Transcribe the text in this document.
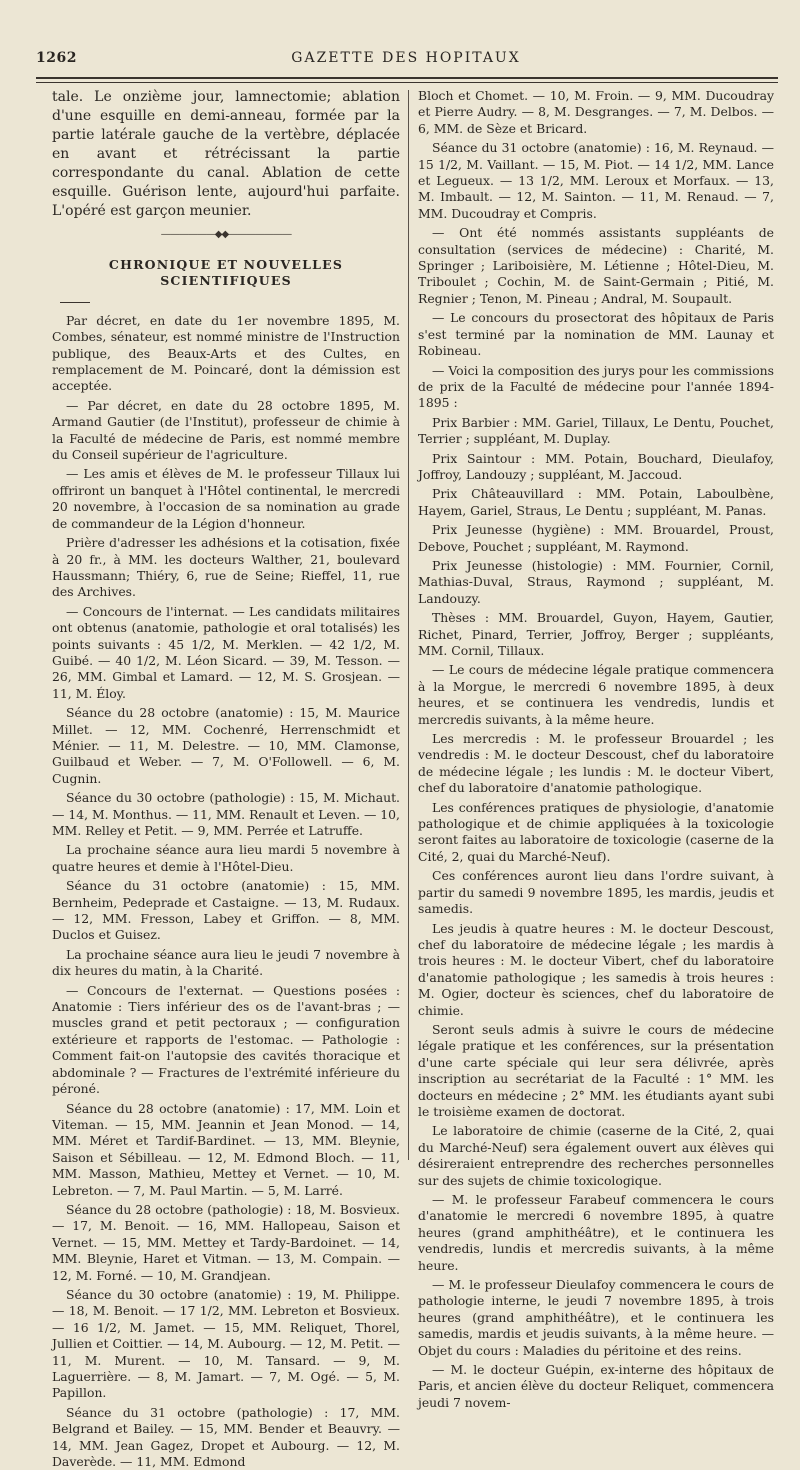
1262	GAZETTE DES HOPITAUX

tale. Le onzième jour, lamnectomie; ablation d'une esquille en demi-anneau, formée par la partie latérale gauche de la vertèbre, déplacée en avant et rétrécissant la partie correspondante du canal. Ablation de cette esquille. Guérison lente, aujourd'hui parfaite. L'opéré est garçon meunier.

——————◆◆———————
CHRONIQUE ET NOUVELLES SCIENTIFIQUES

Par décret, en date du 1er novembre 1895, M. Combes, sénateur, est nommé ministre de l'Instruction publique, des Beaux-Arts et des Cultes, en remplacement de M. Poincaré, dont la démission est acceptée.

— Par décret, en date du 28 octobre 1895, M. Armand Gautier (de l'Institut), professeur de chimie à la Faculté de médecine de Paris, est nommé membre du Conseil supérieur de l'agriculture.

— Les amis et élèves de M. le professeur Tillaux lui offriront un banquet à l'Hôtel continental, le mercredi 20 novembre, à l'occasion de sa nomination au grade de commandeur de la Légion d'honneur.

Prière d'adresser les adhésions et la cotisation, fixée à 20 fr., à MM. les docteurs Walther, 21, boulevard Haussmann; Thiéry, 6, rue de Seine; Rieffel, 11, rue des Archives.

— Concours de l'internat. — Les candidats militaires ont obtenus (anatomie, pathologie et oral totalisés) les points suivants : 45 1/2, M. Merklen. — 42 1/2, M. Guibé. — 40 1/2, M. Léon Sicard. — 39, M. Tesson. — 26, MM. Gimbal et Lamard. — 12, M. S. Grosjean. — 11, M. Éloy.

Séance du 28 octobre (anatomie) : 15, M. Maurice Millet. — 12, MM. Cochenré, Herrenschmidt et Ménier. — 11, M. Delestre. — 10, MM. Clamonse, Guilbaud et Weber. — 7, M. O'Followell. — 6, M. Cugnin.

Séance du 30 octobre (pathologie) : 15, M. Michaut. — 14, M. Monthus. — 11, MM. Renault et Leven. — 10, MM. Relley et Petit. — 9, MM. Perrée et Latruffe.

La prochaine séance aura lieu mardi 5 novembre à quatre heures et demie à l'Hôtel-Dieu.

Séance du 31 octobre (anatomie) : 15, MM. Bernheim, Pedeprade et Castaigne. — 13, M. Rudaux. — 12, MM. Fresson, Labey et Griffon. — 8, MM. Duclos et Guisez.

La prochaine séance aura lieu le jeudi 7 novembre à dix heures du matin, à la Charité.

— Concours de l'externat. — Questions posées : Anatomie : Tiers inférieur des os de l'avant-bras ; — muscles grand et petit pectoraux ; — configuration extérieure et rapports de l'estomac. — Pathologie : Comment fait-on l'autopsie des cavités thoracique et abdominale ? — Fractures de l'extrémité inférieure du péroné.

Séance du 28 octobre (anatomie) : 17, MM. Loin et Viteman. — 15, MM. Jeannin et Jean Monod. — 14, MM. Méret et Tardif-Bardinet. — 13, MM. Bleynie, Saison et Sébilleau. — 12, M. Edmond Bloch. — 11, MM. Masson, Mathieu, Mettey et Vernet. — 10, M. Lebreton. — 7, M. Paul Martin. — 5, M. Larré.

Séance du 28 octobre (pathologie) : 18, M. Bosvieux. — 17, M. Benoit. — 16, MM. Hallopeau, Saison et Vernet. — 15, MM. Mettey et Tardy-Bardoinet. — 14, MM. Bleynie, Haret et Vitman. — 13, M. Compain. — 12, M. Forné. — 10, M. Grandjean.

Séance du 30 octobre (anatomie) : 19, M. Philippe. — 18, M. Benoit. — 17 1/2, MM. Lebreton et Bosvieux. — 16 1/2, M. Jamet. — 15, MM. Reliquet, Thorel, Jullien et Coittier. — 14, M. Aubourg. — 12, M. Petit. — 11, M. Murent. — 10, M. Tansard. — 9, M. Laguerrière. — 8, M. Jamart. — 7, M. Ogé. — 5, M. Papillon.

Séance du 31 octobre (pathologie) : 17, MM. Belgrand et Bailey. — 15, MM. Bender et Beauvry. — 14, MM. Jean Gagez, Dropet et Aubourg. — 12, M. Daverède. — 11, MM. Edmond

Bloch et Chomet. — 10, M. Froin. — 9, MM. Ducoudray et Pierre Audry. — 8, M. Desgranges. — 7, M. Delbos. — 6, MM. de Sèze et Bricard.

Séance du 31 octobre (anatomie) : 16, M. Reynaud. — 15 1/2, M. Vaillant. — 15, M. Piot. — 14 1/2, MM. Lance et Legueux. — 13 1/2, MM. Leroux et Morfaux. — 13, M. Imbault. — 12, M. Sainton. — 11, M. Renaud. — 7, MM. Ducoudray et Compris.

— Ont été nommés assistants suppléants de consultation (services de médecine) : Charité, M. Springer ; Lariboisière, M. Létienne ; Hôtel-Dieu, M. Triboulet ; Cochin, M. de Saint-Germain ; Pitié, M. Regnier ; Tenon, M. Pineau ; Andral, M. Soupault.

— Le concours du prosectorat des hôpitaux de Paris s'est terminé par la nomination de MM. Launay et Robineau.

— Voici la composition des jurys pour les commissions de prix de la Faculté de médecine pour l'année 1894-1895 :

Prix Barbier : MM. Gariel, Tillaux, Le Dentu, Pouchet, Terrier ; suppléant, M. Duplay.

Prix Saintour : MM. Potain, Bouchard, Dieulafoy, Joffroy, Landouzy ; suppléant, M. Jaccoud.

Prix Châteauvillard : MM. Potain, Laboulbène, Hayem, Gariel, Straus, Le Dentu ; suppléant, M. Panas.

Prix Jeunesse (hygiène) : MM. Brouardel, Proust, Debove, Pouchet ; suppléant, M. Raymond.

Prix Jeunesse (histologie) : MM. Fournier, Cornil, Mathias-Duval, Straus, Raymond ; suppléant, M. Landouzy.

Thèses : MM. Brouardel, Guyon, Hayem, Gautier, Richet, Pinard, Terrier, Joffroy, Berger ; suppléants, MM. Cornil, Tillaux.

— Le cours de médecine légale pratique commencera à la Morgue, le mercredi 6 novembre 1895, à deux heures, et se continuera les vendredis, lundis et mercredis suivants, à la même heure.

Les mercredis : M. le professeur Brouardel ; les vendredis : M. le docteur Descoust, chef du laboratoire de médecine légale ; les lundis : M. le docteur Vibert, chef du laboratoire d'anatomie pathologique.

Les conférences pratiques de physiologie, d'anatomie pathologique et de chimie appliquées à la toxicologie seront faites au laboratoire de toxicologie (caserne de la Cité, 2, quai du Marché-Neuf).

Ces conférences auront lieu dans l'ordre suivant, à partir du samedi 9 novembre 1895, les mardis, jeudis et samedis.

Les jeudis à quatre heures : M. le docteur Descoust, chef du laboratoire de médecine légale ; les mardis à trois heures : M. le docteur Vibert, chef du laboratoire d'anatomie pathologique ; les samedis à trois heures : M. Ogier, docteur ès sciences, chef du laboratoire de chimie.

Seront seuls admis à suivre le cours de médecine légale pratique et les conférences, sur la présentation d'une carte spéciale qui leur sera délivrée, après inscription au secrétariat de la Faculté : 1° MM. les docteurs en médecine ; 2° MM. les étudiants ayant subi le troisième examen de doctorat.

Le laboratoire de chimie (caserne de la Cité, 2, quai du Marché-Neuf) sera également ouvert aux élèves qui désireraient entreprendre des recherches personnelles sur des sujets de chimie toxicologique.

— M. le professeur Farabeuf commencera le cours d'anatomie le mercredi 6 novembre 1895, à quatre heures (grand amphithéâtre), et le continuera les vendredis, lundis et mercredis suivants, à la même heure.

— M. le professeur Dieulafoy commencera le cours de pathologie interne, le jeudi 7 novembre 1895, à trois heures (grand amphithéâtre), et le continuera les samedis, mardis et jeudis suivants, à la même heure. — Objet du cours : Maladies du péritoine et des reins.

— M. le docteur Guépin, ex-interne des hôpitaux de Paris, et ancien élève du docteur Reliquet, commencera jeudi 7 novem-
